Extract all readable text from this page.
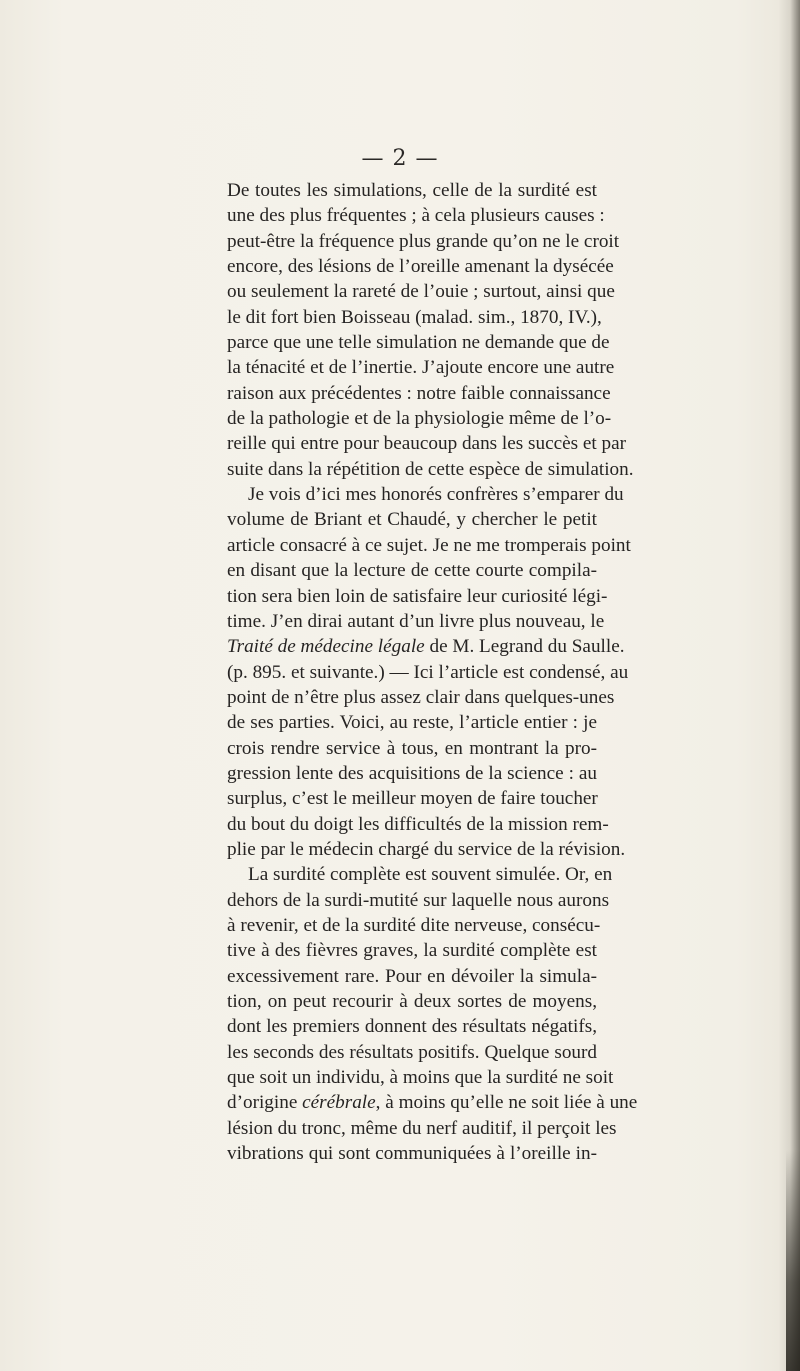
— 2 —
De toutes les simulations, celle de la surdité est
une des plus fréquentes ; à cela plusieurs causes :
peut-être la fréquence plus grande qu’on ne le croit
encore, des lésions de l’oreille amenant la dysécée
ou seulement la rareté de l’ouie ; surtout, ainsi que
le dit fort bien Boisseau (malad. sim., 1870, IV.),
parce que une telle simulation ne demande que de
la ténacité et de l’inertie. J’ajoute encore une autre
raison aux précédentes : notre faible connaissance
de la pathologie et de la physiologie même de l’o-
reille qui entre pour beaucoup dans les succès et par
suite dans la répétition de cette espèce de simulation.
Je vois d’ici mes honorés confrères s’emparer du
volume de Briant et Chaudé, y chercher le petit
article consacré à ce sujet. Je ne me tromperais point
en disant que la lecture de cette courte compila-
tion sera bien loin de satisfaire leur curiosité légi-
time. J’en dirai autant d’un livre plus nouveau, le
Traité de médecine légale de M. Legrand du Saulle.
(p. 895. et suivante.) — Ici l’article est condensé, au
point de n’être plus assez clair dans quelques-unes
de ses parties. Voici, au reste, l’article entier : je
crois rendre service à tous, en montrant la pro-
gression lente des acquisitions de la science : au
surplus, c’est le meilleur moyen de faire toucher
du bout du doigt les difficultés de la mission rem-
plie par le médecin chargé du service de la révision.
La surdité complète est souvent simulée. Or, en
dehors de la surdi-mutité sur laquelle nous aurons
à revenir, et de la surdité dite nerveuse, consécu-
tive à des fièvres graves, la surdité complète est
excessivement rare. Pour en dévoiler la simula-
tion, on peut recourir à deux sortes de moyens,
dont les premiers donnent des résultats négatifs,
les seconds des résultats positifs. Quelque sourd
que soit un individu, à moins que la surdité ne soit
d’origine cérébrale, à moins qu’elle ne soit liée à une
lésion du tronc, même du nerf auditif, il perçoit les
vibrations qui sont communiquées à l’oreille in-
